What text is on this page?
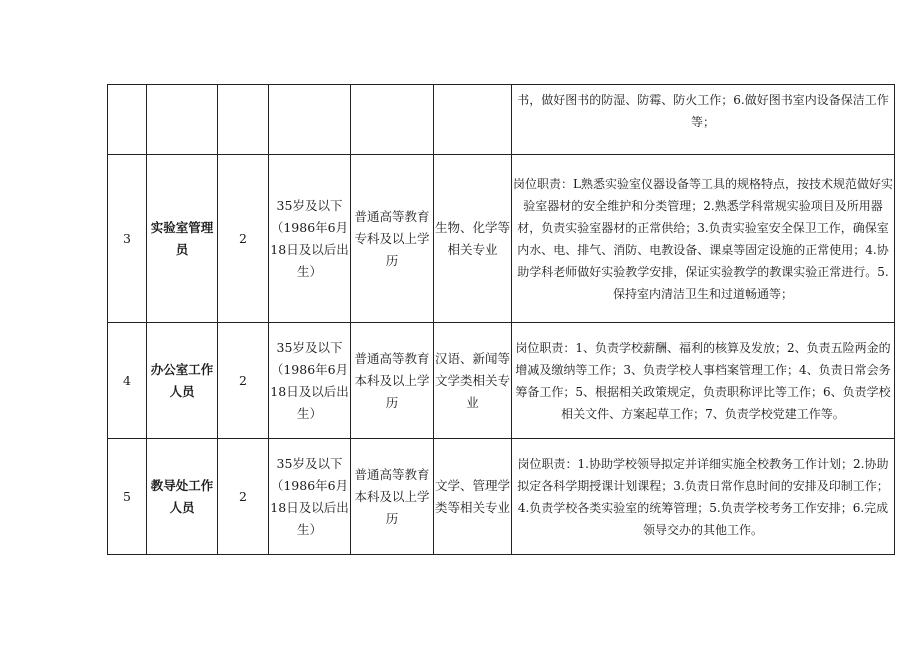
						书，做好图书的防湿、防霉、防火工作；6.做好图书室内设备保洁工作等；
3	实验室管理员	2	35岁及以下（1986年6月18日及以后出生）	普通高等教育专科及以上学历	生物、化学等相关专业	岗位职责：L熟悉实验室仪器设备等工具的规格特点，按技术规范做好实验室器材的安全维护和分类管理；2.熟悉学科常规实验项目及所用器材，负责实验室器材的正常供给；3.负责实验室安全保卫工作，确保室内水、电、排气、消防、电教设备、课桌等固定设施的正常使用；4.协助学科老师做好实验教学安排，保证实验教学的教课实验正常进行。5.保持室内清洁卫生和过道畅通等；
4	办公室工作人员	2	35岁及以下（1986年6月18日及以后出生）	普通高等教育本科及以上学历	汉语、新闻等文学类相关专业	岗位职责：1、负责学校薪酬、福利的核算及发放；2、负责五险两金的增减及缴纳等工作；3、负责学校人事档案管理工作；4、负责日常会务筹备工作；5、根据相关政策规定，负责职称评比等工作；6、负责学校相关文件、方案起草工作；7、负责学校党建工作等。
5	教导处工作人员	2	35岁及以下（1986年6月18日及以后出生）	普通高等教育本科及以上学历	文学、管理学类等相关专业	岗位职责：1.协助学校领导拟定并详细实施全校教务工作计划；2.协助拟定各科学期授课计划课程；3.负责日常作息时间的安排及印制工作；4.负责学校各类实验室的统筹管理；5.负责学校考务工作安排；6.完成领导交办的其他工作。
